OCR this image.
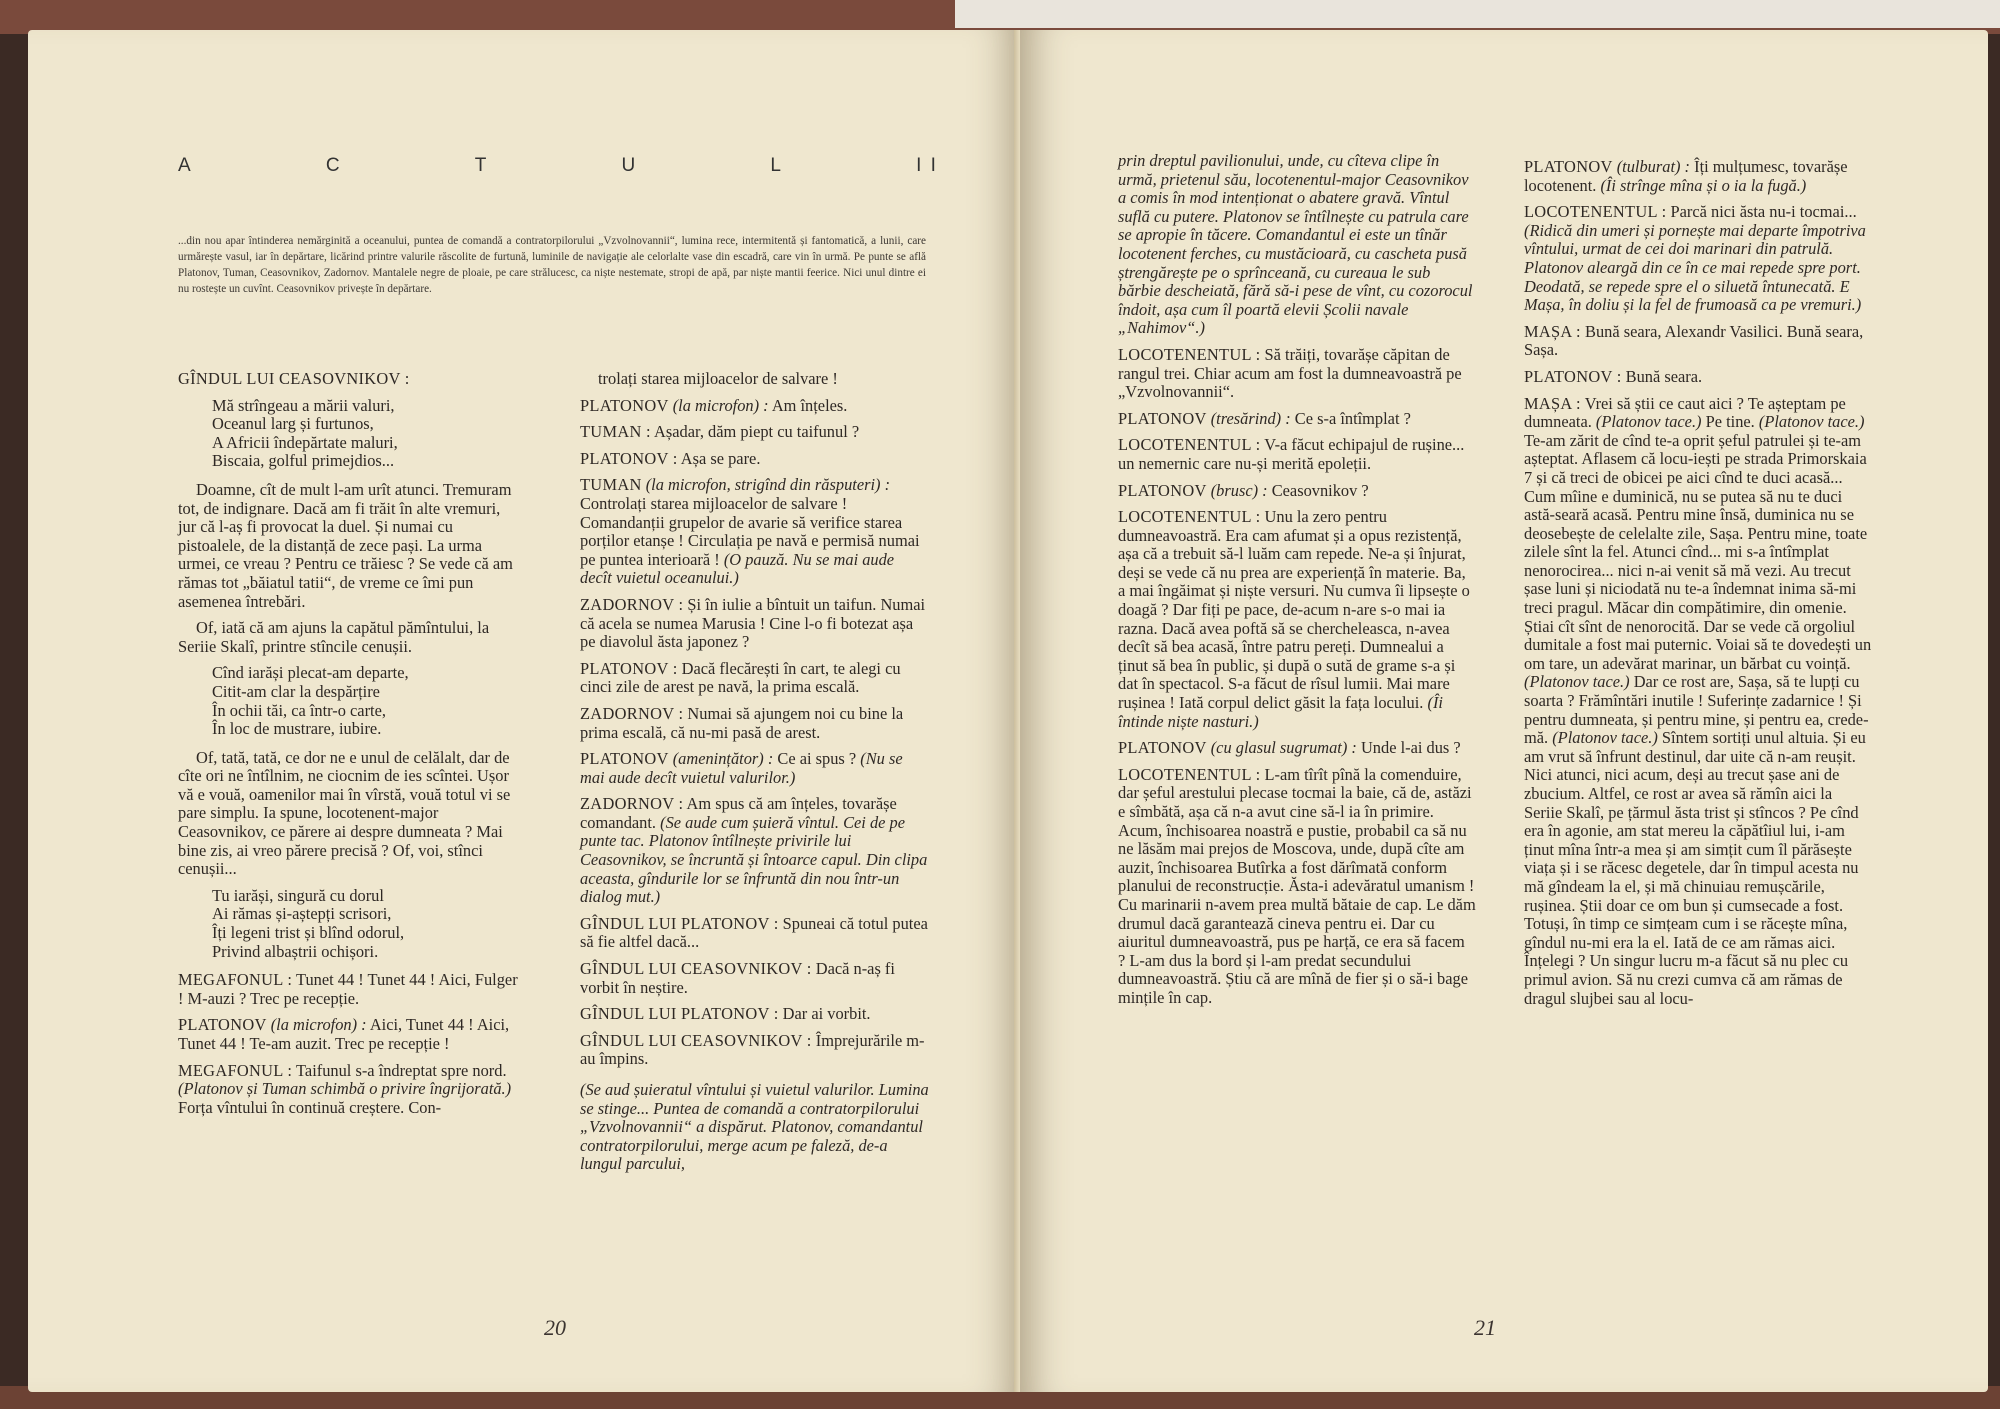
A	C	T	U	L	I I
...din nou apar întinderea nemărginită a oceanului, puntea de comandă a contratorpilorului „Vzvolnovannii“, lumina rece, intermitentă și fantomatică, a lunii, care urmărește vasul, iar în depărtare, licărind printre valurile răscolite de furtună, luminile de navigație ale celorlalte vase din escadră, care vin în urmă. Pe punte se află Platonov, Tuman, Ceasovnikov, Zadornov. Mantalele negre de ploaie, pe care strălucesc, ca niște nestemate, stropi de apă, par niște mantii feerice. Nici unul dintre ei nu rostește un cuvînt. Ceasovnikov privește în depărtare.

GÎNDUL LUI CEASOVNIKOV :

Mă strîngeau a mării valuri,
Oceanul larg și furtunos,
A Africii îndepărtate maluri,
Biscaia, golful primejdios...

Doamne, cît de mult l-am urît atunci. Tremuram tot, de indignare. Dacă am fi trăit în alte vremuri, jur că l-aș fi provocat la duel. Și numai cu pistoalele, de la distanță de zece pași. La urma urmei, ce vreau ? Pentru ce trăiesc ? Se vede că am rămas tot „băiatul tatii“, de vreme ce îmi pun asemenea întrebări.

Of, iată că am ajuns la capătul pămîntului, la Seriie Skalî, printre stîncile cenușii.

Cînd iarăși plecat-am departe,
Citit-am clar la despărțire
În ochii tăi, ca într-o carte,
În loc de mustrare, iubire.

Of, tată, tată, ce dor ne e unul de celălalt, dar de cîte ori ne întîlnim, ne ciocnim de ies scîntei. Ușor vă e vouă, oamenilor mai în vîrstă, vouă totul vi se pare simplu. Ia spune, locotenent-major Ceasovnikov, ce părere ai despre dumneata ? Mai bine zis, ai vreo părere precisă ? Of, voi, stînci cenușii...

Tu iarăși, singură cu dorul
Ai rămas și-aștepți scrisori,
Îți legeni trist și blînd odorul,
Privind albaștrii ochișori.

MEGAFONUL : Tunet 44 ! Tunet 44 ! Aici, Fulger ! M-auzi ? Trec pe recepție.

PLATONOV (la microfon) : Aici, Tunet 44 ! Aici, Tunet 44 ! Te-am auzit. Trec pe recepție !

MEGAFONUL : Taifunul s-a îndreptat spre nord. (Platonov și Tuman schimbă o privire îngrijorată.) Forța vîntului în continuă creștere. Con-

trolați starea mijloacelor de salvare !

PLATONOV (la microfon) : Am înțeles.

TUMAN : Așadar, dăm piept cu taifunul ?

PLATONOV : Așa se pare.

TUMAN (la microfon, strigînd din răsputeri) : Controlați starea mijloacelor de salvare ! Comandanții grupelor de avarie să verifice starea porților etanșe ! Circulația pe navă e permisă numai pe puntea interioară ! (O pauză. Nu se mai aude decît vuietul oceanului.)

ZADORNOV : Și în iulie a bîntuit un taifun. Numai că acela se numea Marusia ! Cine l-o fi botezat așa pe diavolul ăsta japonez ?

PLATONOV : Dacă flecărești în cart, te alegi cu cinci zile de arest pe navă, la prima escală.

ZADORNOV : Numai să ajungem noi cu bine la prima escală, că nu-mi pasă de arest.

PLATONOV (amenințător) : Ce ai spus ? (Nu se mai aude decît vuietul valurilor.)

ZADORNOV : Am spus că am înțeles, tovarășe comandant. (Se aude cum șuieră vîntul. Cei de pe punte tac. Platonov întîlnește privirile lui Ceasovnikov, se încruntă și întoarce capul. Din clipa aceasta, gîndurile lor se înfruntă din nou într-un dialog mut.)

GÎNDUL LUI PLATONOV : Spuneai că totul putea să fie altfel dacă...

GÎNDUL LUI CEASOVNIKOV : Dacă n-aș fi vorbit în neștire.

GÎNDUL LUI PLATONOV : Dar ai vorbit.

GÎNDUL LUI CEASOVNIKOV : Împrejurările m-au împins.

(Se aud șuieratul vîntului și vuietul valurilor. Lumina se stinge... Puntea de comandă a contratorpilorului „Vzvolnovannii“ a dispărut. Platonov, comandantul contratorpilorului, merge acum pe faleză, de-a lungul parcului,

20

prin dreptul pavilionului, unde, cu cîteva clipe în urmă, prietenul său, locotenentul-major Ceasovnikov a comis în mod intenționat o abatere gravă. Vîntul suflă cu putere. Platonov se întîlnește cu patrula care se apropie în tăcere. Comandantul ei este un tînăr locotenent ferches, cu mustăcioară, cu cascheta pusă ștrengărește pe o sprînceană, cu cureaua le sub bărbie descheiată, fără să-i pese de vînt, cu cozorocul îndoit, așa cum îl poartă elevii Școlii navale „Nahimov“.)

LOCOTENENTUL : Să trăiți, tovarășe căpitan de rangul trei. Chiar acum am fost la dumneavoastră pe „Vzvolnovannii“.

PLATONOV (tresărind) : Ce s-a întîmplat ?

LOCOTENENTUL : V-a făcut echipajul de rușine... un nemernic care nu-și merită epoleții.

PLATONOV (brusc) : Ceasovnikov ?

LOCOTENENTUL : Unu la zero pentru dumneavoastră. Era cam afumat și a opus rezistență, așa că a trebuit să-l luăm cam repede. Ne-a și înjurat, deși se vede că nu prea are experiență în materie. Ba, a mai îngăimat și niște versuri. Nu cumva îi lipsește o doagă ? Dar fiți pe pace, de-acum n-are s-o mai ia razna. Dacă avea poftă să se chercheleasca, n-avea decît să bea acasă, între patru pereți. Dumnealui a ținut să bea în public, și după o sută de grame s-a și dat în spectacol. S-a făcut de rîsul lumii. Mai mare rușinea ! Iată corpul delict găsit la fața locului. (Îi întinde niște nasturi.)

PLATONOV (cu glasul sugrumat) : Unde l-ai dus ?

LOCOTENENTUL : L-am tîrît pînă la comenduire, dar șeful arestului plecase tocmai la baie, că de, astăzi e sîmbătă, așa că n-a avut cine să-l ia în primire. Acum, închisoarea noastră e pustie, probabil ca să nu ne lăsăm mai prejos de Moscova, unde, după cîte am auzit, închisoarea Butîrka a fost dărîmată conform planului de reconstrucție. Ăsta-i adevăratul umanism ! Cu marinarii n-avem prea multă bătaie de cap. Le dăm drumul dacă garantează cineva pentru ei. Dar cu aiuritul dumneavoastră, pus pe harță, ce era să facem ? L-am dus la bord și l-am predat secundului dumneavoastră. Știu că are mînă de fier și o să-i bage mințile în cap.

PLATONOV (tulburat) : Îți mulțumesc, tovarășe locotenent. (Îi strînge mîna și o ia la fugă.)

LOCOTENENTUL : Parcă nici ăsta nu-i tocmai... (Ridică din umeri și pornește mai departe împotriva vîntului, urmat de cei doi marinari din patrulă. Platonov aleargă din ce în ce mai repede spre port. Deodată, se repede spre el o siluetă întunecată. E Mașa, în doliu și la fel de frumoasă ca pe vremuri.)

MAȘA : Bună seara, Alexandr Vasilici. Bună seara, Sașa.

PLATONOV : Bună seara.

MAȘA : Vrei să știi ce caut aici ? Te așteptam pe dumneata. (Platonov tace.) Pe tine. (Platonov tace.) Te-am zărit de cînd te-a oprit șeful patrulei și te-am așteptat. Aflasem că locu-iești pe strada Primorskaia 7 și că treci de obicei pe aici cînd te duci acasă... Cum mîine e duminică, nu se putea să nu te duci astă-seară acasă. Pentru mine însă, duminica nu se deosebește de celelalte zile, Sașa. Pentru mine, toate zilele sînt la fel. Atunci cînd... mi s-a întîmplat nenorocirea... nici n-ai venit să mă vezi. Au trecut șase luni și niciodată nu te-a îndemnat inima să-mi treci pragul. Măcar din compătimire, din omenie. Știai cît sînt de nenorocită. Dar se vede că orgoliul dumitale a fost mai puternic. Voiai să te dovedești un om tare, un adevărat marinar, un bărbat cu voință. (Platonov tace.) Dar ce rost are, Sașa, să te lupți cu soarta ? Frămîntări inutile ! Suferințe zadarnice ! Și pentru dumneata, și pentru mine, și pentru ea, crede-mă. (Platonov tace.) Sîntem sortiți unul altuia. Și eu am vrut să înfrunt destinul, dar uite că n-am reușit. Nici atunci, nici acum, deși au trecut șase ani de zbucium. Altfel, ce rost ar avea să rămîn aici la Seriie Skalî, pe țărmul ăsta trist și stîncos ? Pe cînd era în agonie, am stat mereu la căpătîiul lui, i-am ținut mîna într-a mea și am simțit cum îl părăsește viața și i se răcesc degetele, dar în timpul acesta nu mă gîndeam la el, și mă chinuiau remușcările, rușinea. Știi doar ce om bun și cumsecade a fost. Totuși, în timp ce simțeam cum i se răcește mîna, gîndul nu-mi era la el. Iată de ce am rămas aici. Înțelegi ? Un singur lucru m-a făcut să nu plec cu primul avion. Să nu crezi cumva că am rămas de dragul slujbei sau al locu-

21
